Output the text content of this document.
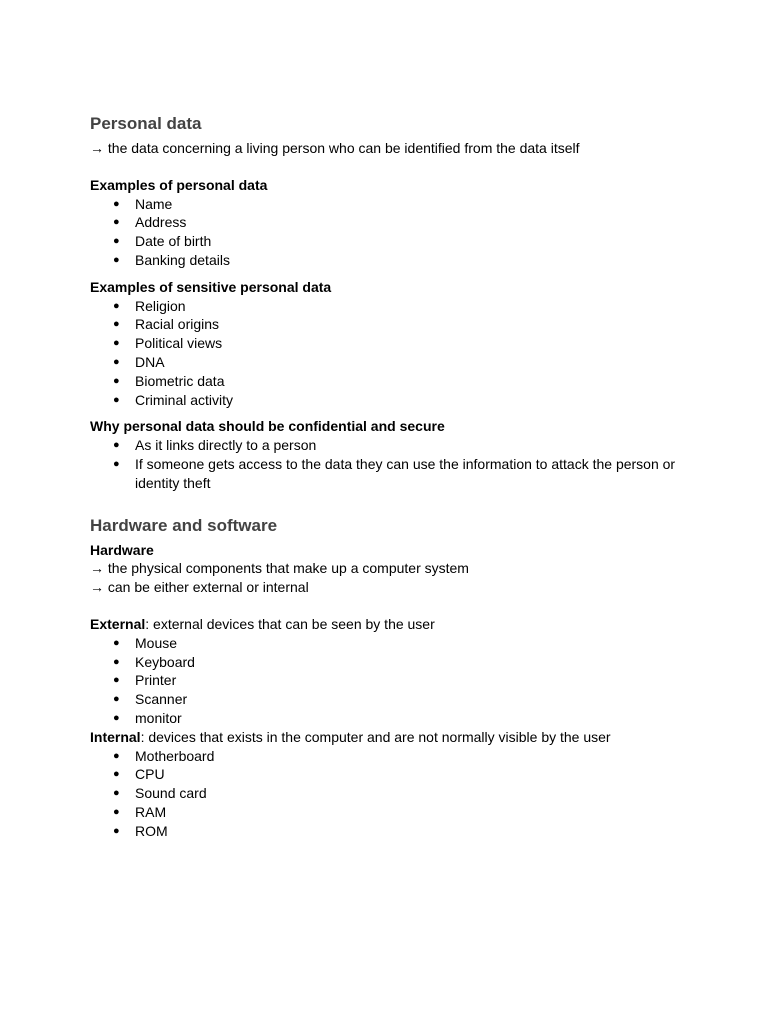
Personal data

→ the data concerning a living person who can be identified from the data itself

Examples of personal data

● Name
● Address
● Date of birth
● Banking details

Examples of sensitive personal data

● Religion
● Racial origins
● Political views
● DNA
● Biometric data
● Criminal activity

Why personal data should be confidential and secure

● As it links directly to a person
● If someone gets access to the data they can use the information to attack the person or identity theft
Hardware and software

Hardware

→ the physical components that make up a computer system

→ can be either external or internal

External: external devices that can be seen by the user

● Mouse
● Keyboard
● Printer
● Scanner
● monitor

Internal: devices that exists in the computer and are not normally visible by the user

● Motherboard
● CPU
● Sound card
● RAM
● ROM
